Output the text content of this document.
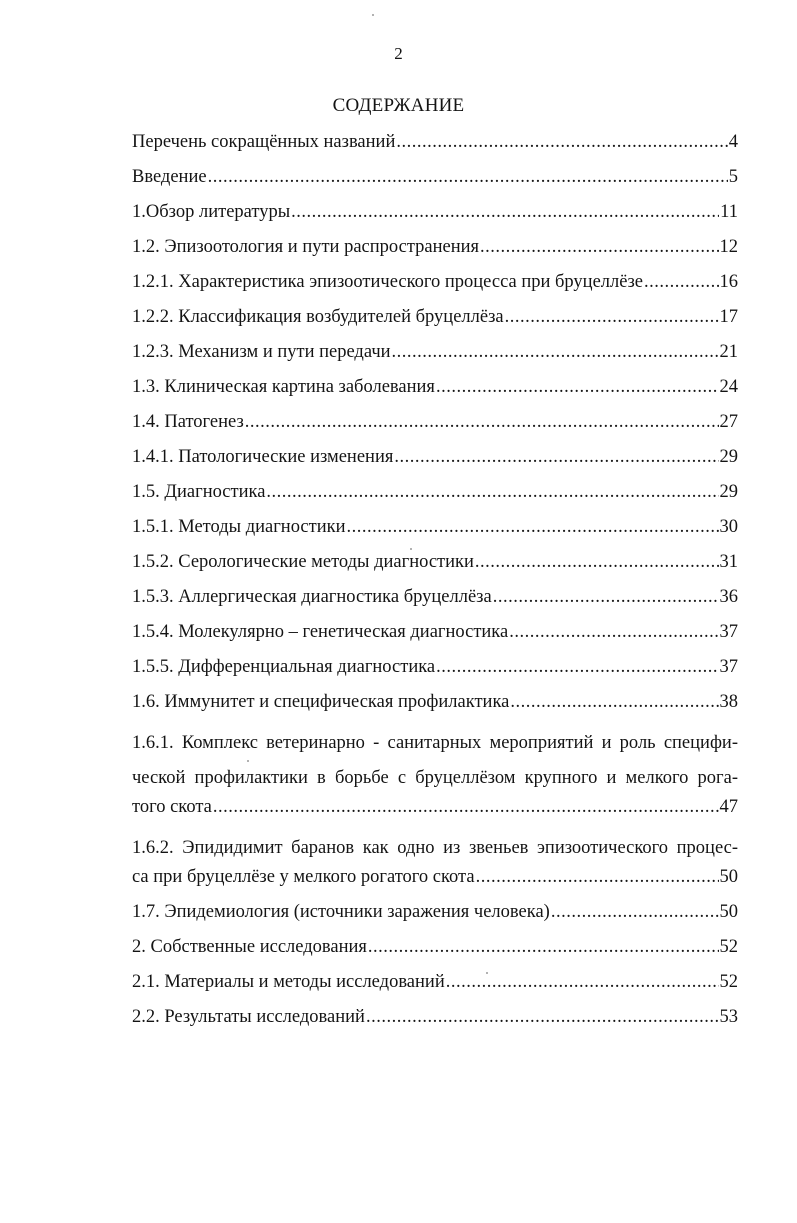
2
СОДЕРЖАНИЕ
Перечень сокращённых названий .....	4
Введение .....	5
1.Обзор литературы .....	11
1.2. Эпизоотология и пути распространения .....	12
1.2.1. Характеристика эпизоотического процесса при бруцеллёзе .....	16
1.2.2. Классификация возбудителей бруцеллёза .....	17
1.2.3. Механизм и пути передачи .....	21
1.3. Клиническая картина заболевания .....	24
1.4. Патогенез .....	27
1.4.1. Патологические изменения .....	29
1.5. Диагностика .....	29
1.5.1. Методы диагностики .....	30
1.5.2. Серологические методы диагностики .....	31
1.5.3. Аллергическая диагностика бруцеллёза .....	36
1.5.4. Молекулярно – генетическая диагностика .....	37
1.5.5. Дифференциальная диагностика .....	37
1.6. Иммунитет и специфическая профилактика .....	38
1.6.1. Комплекс ветеринарно - санитарных мероприятий и роль специфи-
ческой профилактики в борьбе с бруцеллёзом крупного и мелкого рога-
того скота .....	47
1.6.2. Эпидидимит баранов как одно из звеньев эпизоотического процес-
са при бруцеллёзе у мелкого рогатого скота .....	50
1.7. Эпидемиология (источники заражения человека) .....	50
2. Собственные исследования .....	52
2.1. Материалы и методы исследований .....	52
2.2. Результаты исследований .....	53
